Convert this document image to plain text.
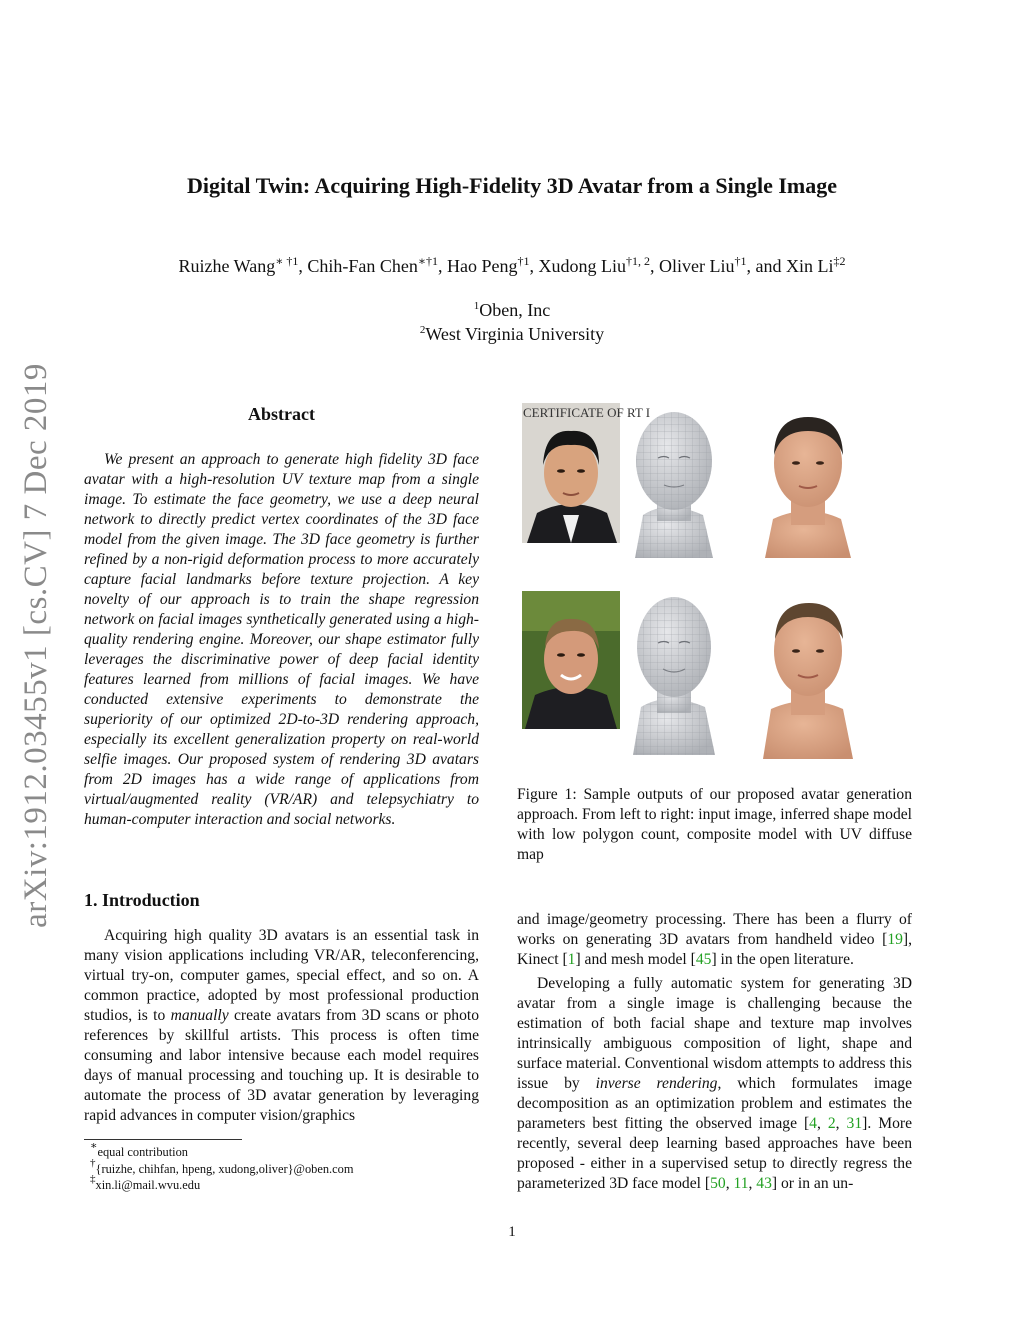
arXiv:1912.03455v1 [cs.CV] 7 Dec 2019
Digital Twin: Acquiring High-Fidelity 3D Avatar from a Single Image
Ruizhe Wang$^{∗ \dagger 1}$, Chih-Fan Chen$^{∗\dagger 1}$, Hao Peng$^{\dagger 1}$, Xudong Liu$^{\dagger 1, 2}$, Oliver Liu$^{\dagger 1}$, and Xin Li$^{\ddagger 2}$
$^1$Oben, Inc
$^2$West Virginia University
Abstract
We present an approach to generate high fidelity 3D face avatar with a high-resolution UV texture map from a single image. To estimate the face geometry, we use a deep neural network to directly predict vertex coordinates of the 3D face model from the given image. The 3D face geometry is further refined by a non-rigid deformation process to more accurately capture facial landmarks before texture projection. A key novelty of our approach is to train the shape regression network on facial images synthetically generated using a high-quality rendering engine. Moreover, our shape estimator fully leverages the discriminative power of deep facial identity features learned from millions of facial images. We have conducted extensive experiments to demonstrate the superiority of our optimized 2D-to-3D rendering approach, especially its excellent generalization property on real-world selfie images. Our proposed system of rendering 3D avatars from 2D images has a wide range of applications from virtual/augmented reality (VR/AR) and telepsychiatry to human-computer interaction and social networks.
1. Introduction
Acquiring high quality 3D avatars is an essential task in many vision applications including VR/AR, teleconferencing, virtual try-on, computer games, special effect, and so on. A common practice, adopted by most professional production studios, is to manually create avatars from 3D scans or photo references by skillful artists. This process is often time consuming and labor intensive because each model requires days of manual processing and touching up. It is desirable to automate the process of 3D avatar generation by leveraging rapid advances in computer vision/graphics
∗equal contribution
†{ruizhe, chihfan, hpeng, xudong,oliver}@oben.com
‡xin.li@mail.wvu.edu
CERTIFICATE OF RT I
Figure 1: Sample outputs of our proposed avatar generation approach. From left to right: input image, inferred shape model with low polygon count, composite model with UV diffuse map

and image/geometry processing. There has been a flurry of works on generating 3D avatars from handheld video [19], Kinect [1] and mesh model [45] in the open literature.

Developing a fully automatic system for generating 3D avatar from a single image is challenging because the estimation of both facial shape and texture map involves intrinsically ambiguous composition of light, shape and surface material. Conventional wisdom attempts to address this issue by inverse rendering, which formulates image decomposition as an optimization problem and estimates the parameters best fitting the observed image [4, 2, 31]. More recently, several deep learning based approaches have been proposed - either in a supervised setup to directly regress the parameterized 3D face model [50, 11, 43] or in an un-

1
